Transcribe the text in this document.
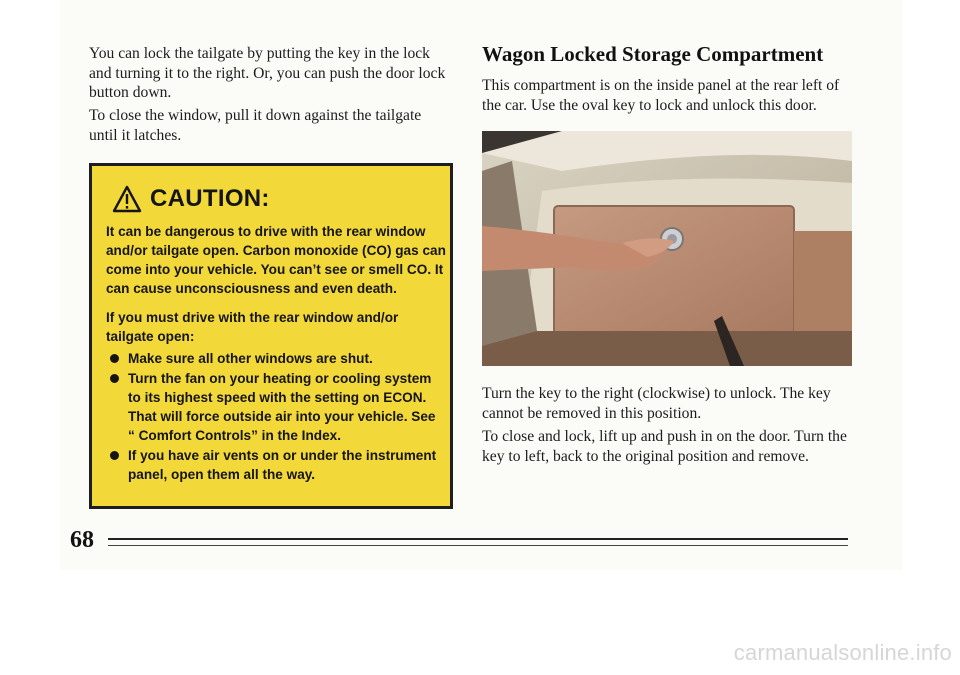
You can lock the tailgate by putting the key in the lock and turning it to the right. Or, you can push the door lock button down.

To close the window, pull it down against the tailgate until it latches.

CAUTION:

It can be dangerous to drive with the rear window and/or tailgate open. Carbon monoxide (CO) gas can come into your vehicle. You can’t see or smell CO. It can cause unconsciousness and even death.

If you must drive with the rear window and/or tailgate open:

Make sure all other windows are shut.
Turn the fan on your heating or cooling system to its highest speed with the setting on ECON. That will force outside air into your vehicle. See “ Comfort Controls” in the Index.
If you have air vents on or under the instrument panel, open them all the way.
Wagon Locked Storage Compartment

This compartment is on the inside panel at the rear left of the car. Use the oval key to lock and unlock this door.

Turn the key to the right (clockwise) to unlock. The key cannot be removed in this position.

To close and lock, lift up and push in on the door. Turn the key to left, back to the original position and remove.

68
carmanualsonline.info
